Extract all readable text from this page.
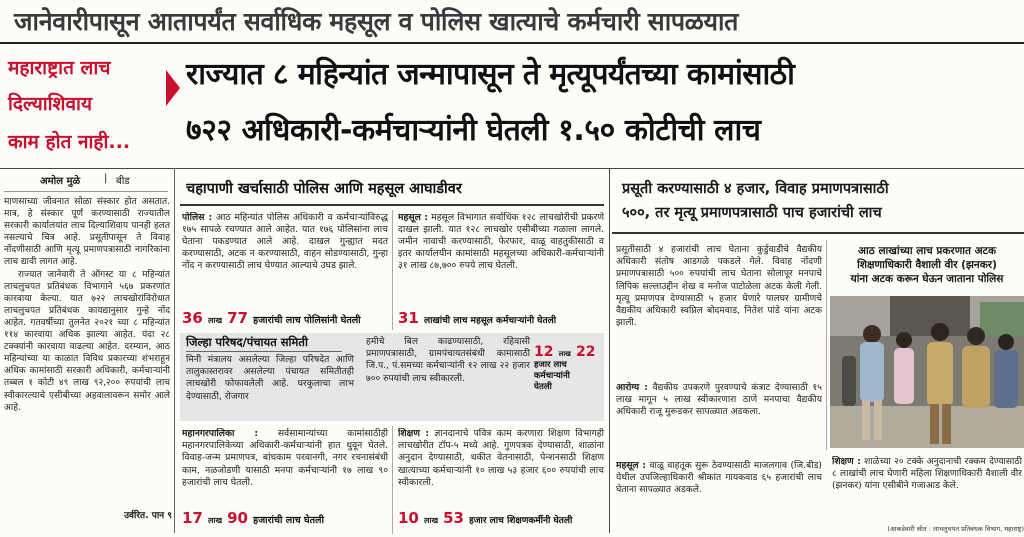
जानेवारीपासून आतापर्यंत सर्वाधिक महसूल व पोलिस खात्याचे कर्मचारी सापळयात
महाराष्ट्रात लाच
दिल्याशिवाय
काम होत नाही...
राज्यात ८ महिन्यांत जन्मापासून ते मृत्यूपर्यंतच्या कामांसाठी
७२२ अधिकारी-कर्मचाऱ्यांनी घेतली १.५० कोटीची लाच
अमोल मुळे | बीड

माणसाच्या जीवनात सोळा संस्कार होत असतात. मात्र, हे संस्कार पूर्ण करण्यासाठी राज्यातील सरकारी कार्यालयांत लाच दिल्याशिवाय पानही हलत नसल्याचे चित्र आहे. प्रसूतीपासून ते विवाह नोंदणीसाठी आणि मृत्यू प्रमाणपत्रासाठी नागरिकांना लाच द्यावी लागत आहे.

राज्यात जानेवारी ते ऑगस्ट या ८ महिन्यांत लाचलुचपत प्रतिबंधक विभागाने ५६७ प्रकरणांत कारवाया केल्या. यात ७२२ लाचखोरांविरोधात लाचलुचपत प्रतिबंधक कायद्यानुसार गुन्हे नोंद आहेत. गतवर्षीच्या तुलनेत २०२१ च्या ८ महिन्यांत ११४ कारवाया अधिक झाल्या आहेत. यंदा २८ टक्क्यांनी कारवाया वाढल्या आहेत. दरम्यान, आठ महिन्यांच्या या काळात विविध प्रकारच्या शंभराहून अधिक कामांसाठी सरकारी अधिकारी, कर्मचाऱ्यांनी तब्बल १ कोटी ४९ लाख ९२,२०० रुपयांची लाच स्वीकारल्याचे एसीबीच्या अहवालावरून समोर आले आहे.

उर्वरित. पान ९
चहापाणी खर्चासाठी पोलिस आणि महसूल आघाडीवर
पोलिस : आठ महिन्यांत पोलिस अधिकारी व कर्मचाऱ्यांविरुद्ध १७५ सापळे रचण्यात आले आहेत. यात १७६ पोलिसांना लाच घेताना पकडण्यात आले आहे. दाखल गुन्ह्यात मदत करण्यासाठी, अटक न करण्यासाठी, वाहन सोडण्यासाठी, गुन्हा नोंद न करण्यासाठी लाच घेण्यात आल्याचे उघड झाले.
36 लाख 77 हजारांची लाच पोलिसांनी घेतली
महसूल : महसूल विभागात सर्वाधिक १२८ लाचखोरीची प्रकरणे दाखल झाली. यात १२८ लाचखोर एसीबीच्या गळाला लागले. जमीन नावाची करण्यासाठी, फेरफार, वाळू वाहतुकीसाठी व इतर कार्यालयीन कामांसाठी महसूलच्या अधिकारी-कर्मचाऱ्यांनी ३१ लाख ८७,७०० रुपये लाच घेतली.
31 लाखांची लाच महसूल कर्मचाऱ्यांनी घेतली
जिल्हा परिषद/पंचायत समिती
मिनी मंत्रालय असलेल्या जिल्हा परिषदेत आणि तालुकास्तरावर असलेल्या पंचायत समितीतही लाचखोरी फोफावलेली आहे. घरकुलाचा लाभ देण्यासाठी, रोजगार
हमीचे बिल काढण्यासाठी, रहिवासी प्रमाणपत्रासाठी, ग्रामपंचायतसंबंधी कामासाठी जि.प., पं.समच्या कर्मचाऱ्यांनी १२ लाख २२ हजार ७०० रुपयांची लाच स्वीकारली.
12 लाख 22
हजार लाच
कर्मचाऱ्यांनी
घेतली
महानगरपालिका : सर्वसामान्यांच्या कामांसाठीही महानगरपालिकेच्या अधिकारी-कर्मचाऱ्यांनी हात धुवून घेतले. विवाह-जन्म प्रमाणपत्र, बांधकाम परवानगी, नगर रचनासंबंधी काम, नळजोडणी यासाठी मनपा कर्मचाऱ्यांनी १७ लाख ९० हजारांची लाच घेतली.
17 लाख 90 हजारांची लाच घेतली
शिक्षण : ज्ञानदानाचे पवित्र काम करणारा शिक्षण विभागही लाचखोरीत टॉप-५ मध्ये आहे. गुणपत्रक देण्यासाठी, शाळांना अनुदान देण्यासाठी, थकीत वेतनासाठी, पेन्शनसाठी शिक्षण खात्याच्या कर्मचाऱ्यांनी १० लाख ५३ हजार ६०० रुपयांची लाच स्वीकारली.
10 लाख 53 हजार लाच शिक्षणकर्मीनी घेतली
प्रसूती करण्यासाठी ४ हजार, विवाह प्रमाणपत्रासाठी
५००, तर मृत्यू प्रमाणपत्रासाठी पाच हजारांची लाच
प्रसूतीसाठी ४ हजारांची लाच घेताना कुर्डुवाडीचे वैद्यकीय अधिकारी संतोष आडगळे पकडले गेले. विवाह नोंदणी प्रमाणपत्रासाठी ५०० रुपयांची लाच घेताना सोलापूर मनपाचे लिपिक सल्लाउद्दीन शेख व मनोज पाटोळेला अटक केली गेली. मृत्यू प्रमाणपत्र देण्यासाठी ५ हजार घेणारे पालघर ग्रामीणचे वैद्यकीय अधिकारी स्वप्निल बोदमवाड, नितेश पांडे यांना अटक झाली.
आरोग्य : वैद्यकीय उपकरणे पुरवण्याचे कंत्राट देण्यासाठी १५ लाख मागून ५ लाख स्वीकारणारा ठाणे मनपाचा वैद्यकीय अधिकारी राजू मुरूडकर सापळ्यात अडकला.
महसूल : वाळू वाहतूक सुरू ठेवण्यासाठी माजलगाव (जि.बीड) येथील उपजिल्हाधिकारी श्रीकांत गायकवाड ६५ हजारांची लाच घेताना सापळ्यात अडकले.
आठ लाखांच्या लाच प्रकरणात अटक
शिक्षणाधिकारी वैशाली वीर (झनकर)
यांना अटक करून घेऊन जाताना पोलिस
शिक्षण : शाळेच्या २० टक्के अनुदानाची रक्कम देण्यासाठी ८ लाखांची लाच घेणारी महिला शिक्षणाधिकारी वैशाली वीर (झनकर) यांना एसीबीने गजाआड केले.
(आकडेवारी स्रोत : लाचलुचपत प्रतिबंधक विभाग, महाराष्ट्र)
